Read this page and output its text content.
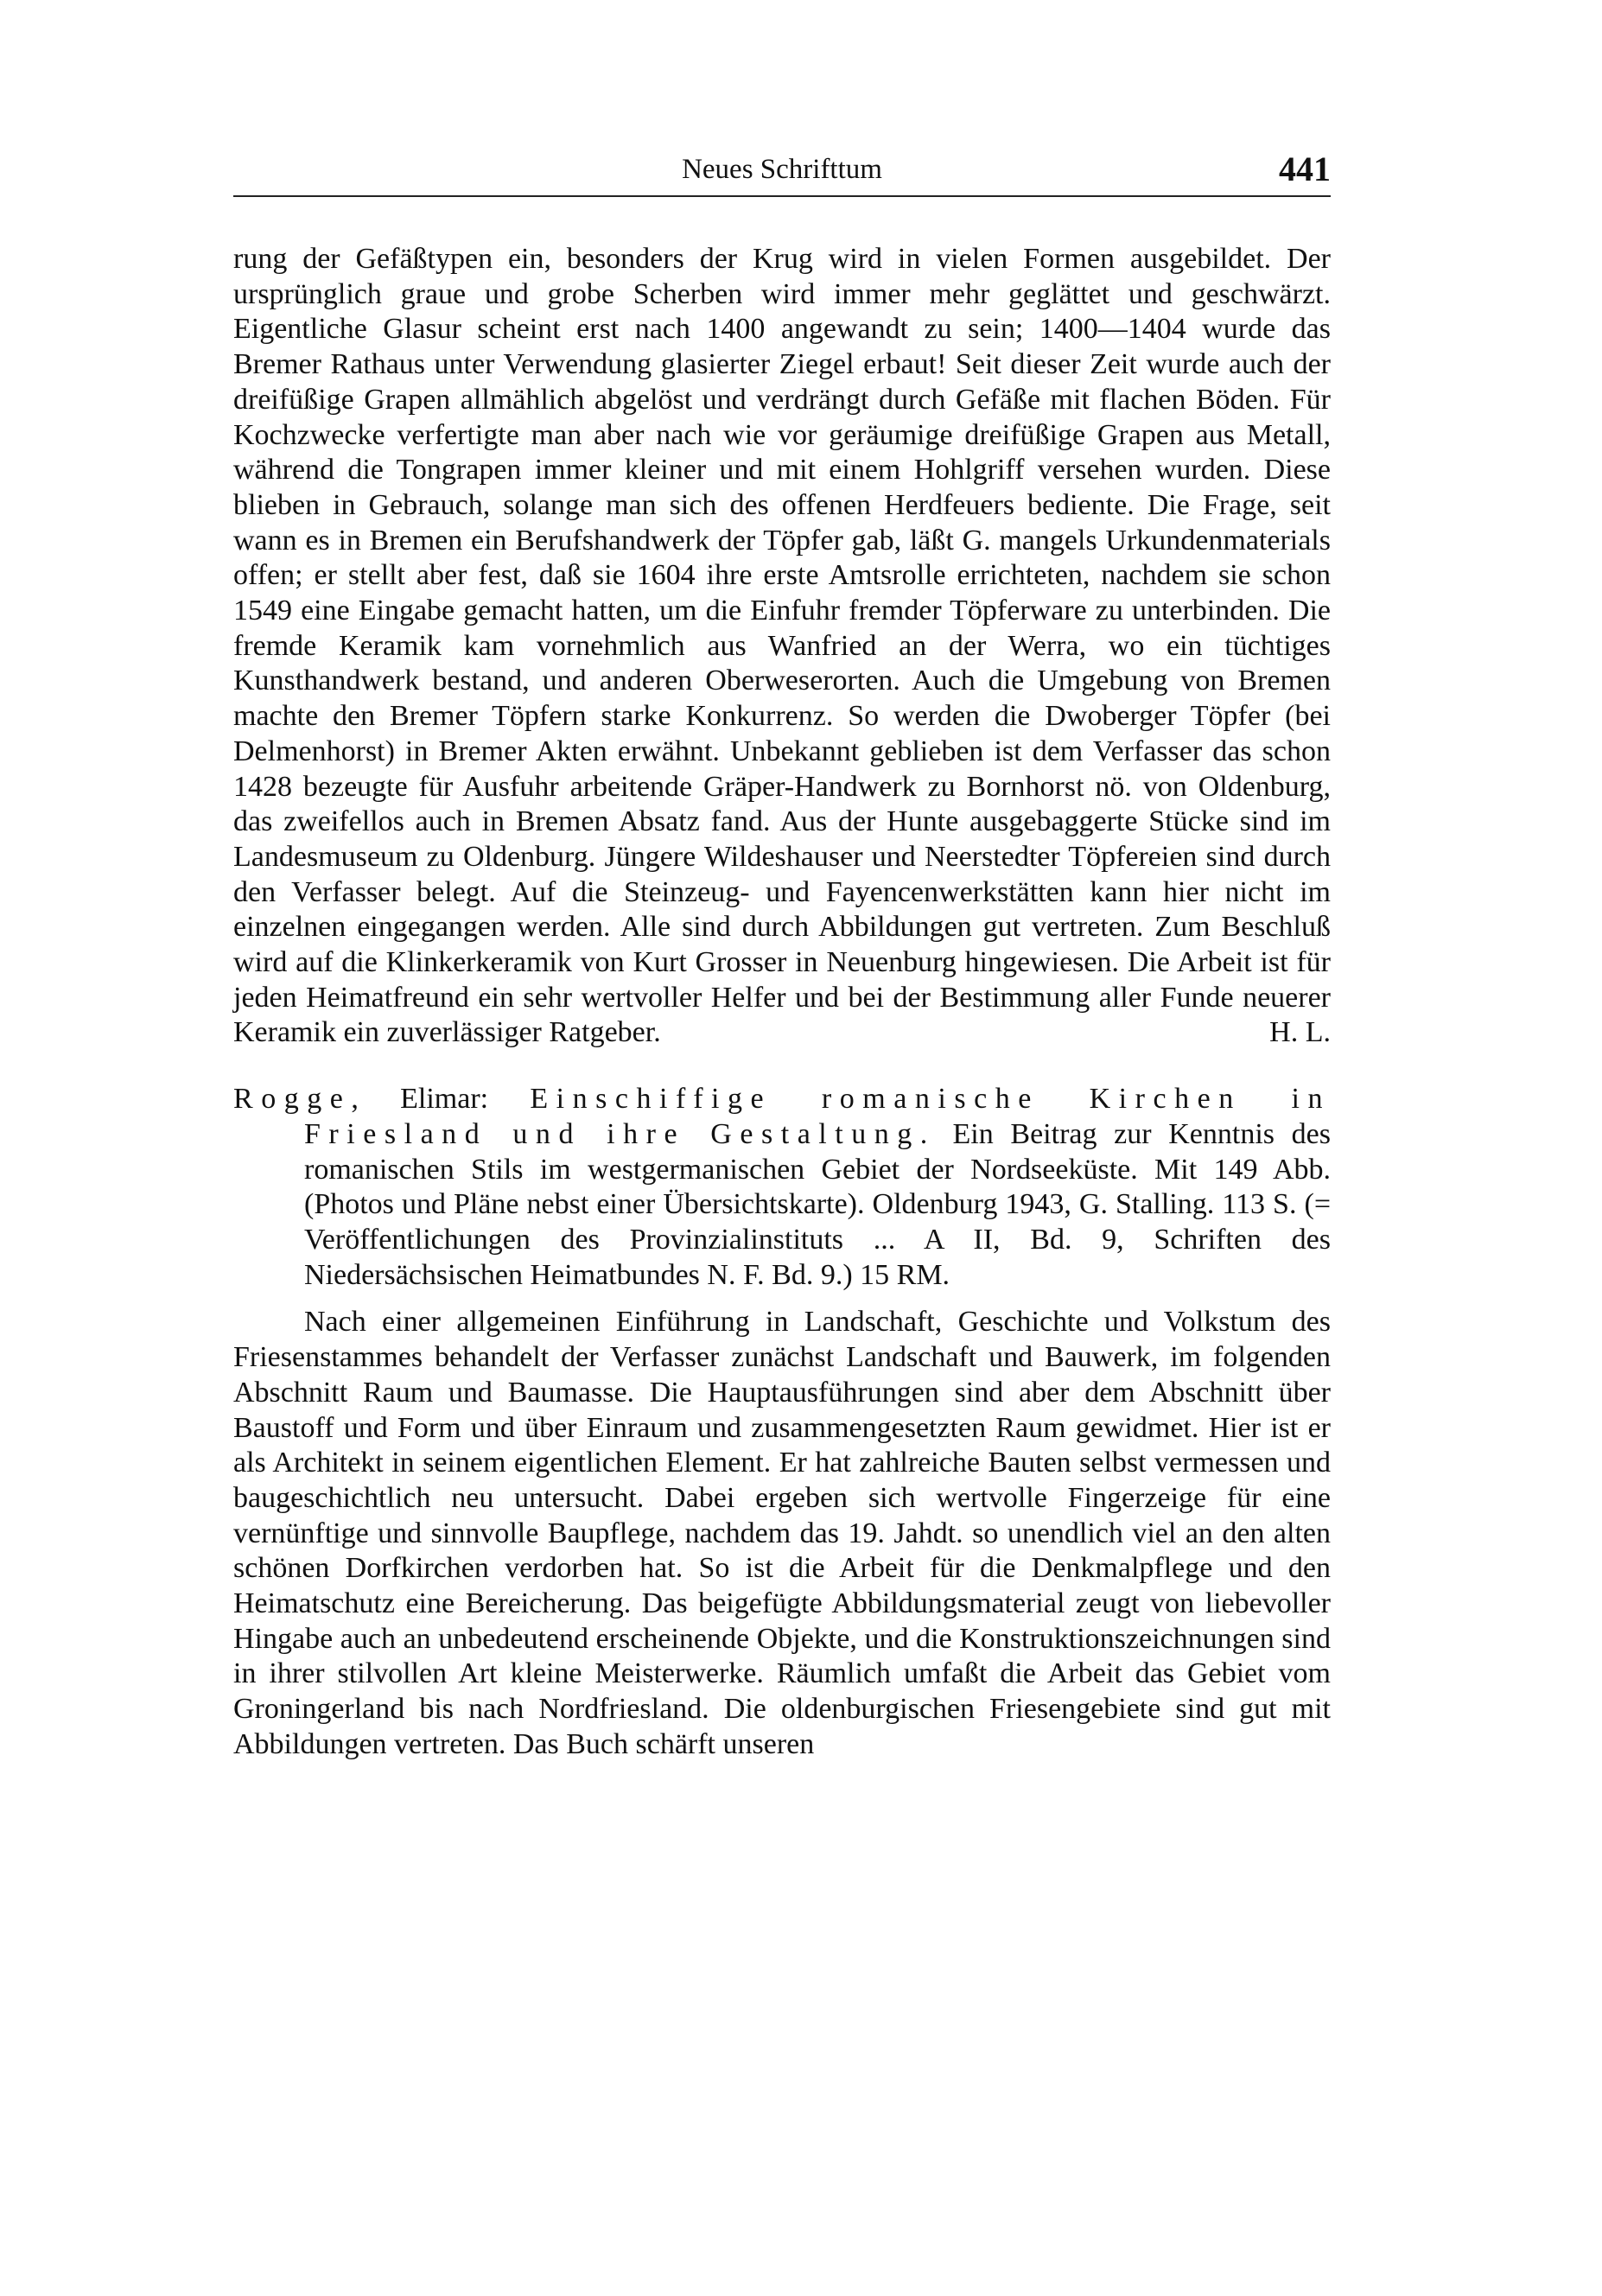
Neues Schrifttum	441

rung der Gefäßtypen ein, besonders der Krug wird in vielen Formen ausgebildet. Der ursprünglich graue und grobe Scherben wird immer mehr geglättet und geschwärzt. Eigentliche Glasur scheint erst nach 1400 angewandt zu sein; 1400—1404 wurde das Bremer Rathaus unter Verwendung glasierter Ziegel erbaut! Seit dieser Zeit wurde auch der dreifüßige Grapen allmählich abgelöst und verdrängt durch Gefäße mit flachen Böden. Für Kochzwecke verfertigte man aber nach wie vor geräumige dreifüßige Grapen aus Metall, während die Tongrapen immer kleiner und mit einem Hohlgriff versehen wurden. Diese blieben in Gebrauch, solange man sich des offenen Herdfeuers bediente. Die Frage, seit wann es in Bremen ein Berufshandwerk der Töpfer gab, läßt G. mangels Urkundenmaterials offen; er stellt aber fest, daß sie 1604 ihre erste Amtsrolle errichteten, nachdem sie schon 1549 eine Eingabe gemacht hatten, um die Einfuhr fremder Töpferware zu unterbinden. Die fremde Keramik kam vornehmlich aus Wanfried an der Werra, wo ein tüchtiges Kunsthandwerk bestand, und anderen Oberweserorten. Auch die Umgebung von Bremen machte den Bremer Töpfern starke Konkurrenz. So werden die Dwoberger Töpfer (bei Delmenhorst) in Bremer Akten erwähnt. Unbekannt geblieben ist dem Verfasser das schon 1428 bezeugte für Ausfuhr arbeitende Gräper-Handwerk zu Bornhorst nö. von Oldenburg, das zweifellos auch in Bremen Absatz fand. Aus der Hunte ausgebaggerte Stücke sind im Landesmuseum zu Oldenburg. Jüngere Wildeshauser und Neerstedter Töpfereien sind durch den Verfasser belegt. Auf die Steinzeug- und Fayencenwerkstätten kann hier nicht im einzelnen eingegangen werden. Alle sind durch Abbildungen gut vertreten. Zum Beschluß wird auf die Klinkerkeramik von Kurt Grosser in Neuenburg hingewiesen. Die Arbeit ist für jeden Heimatfreund ein sehr wertvoller Helfer und bei der Bestimmung aller Funde neuerer Keramik ein zuverlässiger Ratgeber.	H. L.

Rogge, Elimar: Einschiffige romanische Kirchen in Friesland und ihre Gestaltung. Ein Beitrag zur Kenntnis des romanischen Stils im westgermanischen Gebiet der Nordseeküste. Mit 149 Abb. (Photos und Pläne nebst einer Übersichtskarte). Oldenburg 1943, G. Stalling. 113 S. (= Veröffentlichungen des Provinzialinstituts ... A II, Bd. 9, Schriften des Niedersächsischen Heimatbundes N. F. Bd. 9.) 15 RM.

Nach einer allgemeinen Einführung in Landschaft, Geschichte und Volkstum des Friesenstammes behandelt der Verfasser zunächst Landschaft und Bauwerk, im folgenden Abschnitt Raum und Baumasse. Die Hauptausführungen sind aber dem Abschnitt über Baustoff und Form und über Einraum und zusammengesetzten Raum gewidmet. Hier ist er als Architekt in seinem eigentlichen Element. Er hat zahlreiche Bauten selbst vermessen und baugeschichtlich neu untersucht. Dabei ergeben sich wertvolle Fingerzeige für eine vernünftige und sinnvolle Baupflege, nachdem das 19. Jahdt. so unendlich viel an den alten schönen Dorfkirchen verdorben hat. So ist die Arbeit für die Denkmalpflege und den Heimatschutz eine Bereicherung. Das beigefügte Abbildungsmaterial zeugt von liebevoller Hingabe auch an unbedeutend erscheinende Objekte, und die Konstruktionszeichnungen sind in ihrer stilvollen Art kleine Meisterwerke. Räumlich umfaßt die Arbeit das Gebiet vom Groningerland bis nach Nordfriesland. Die oldenburgischen Friesengebiete sind gut mit Abbildungen vertreten. Das Buch schärft unseren
